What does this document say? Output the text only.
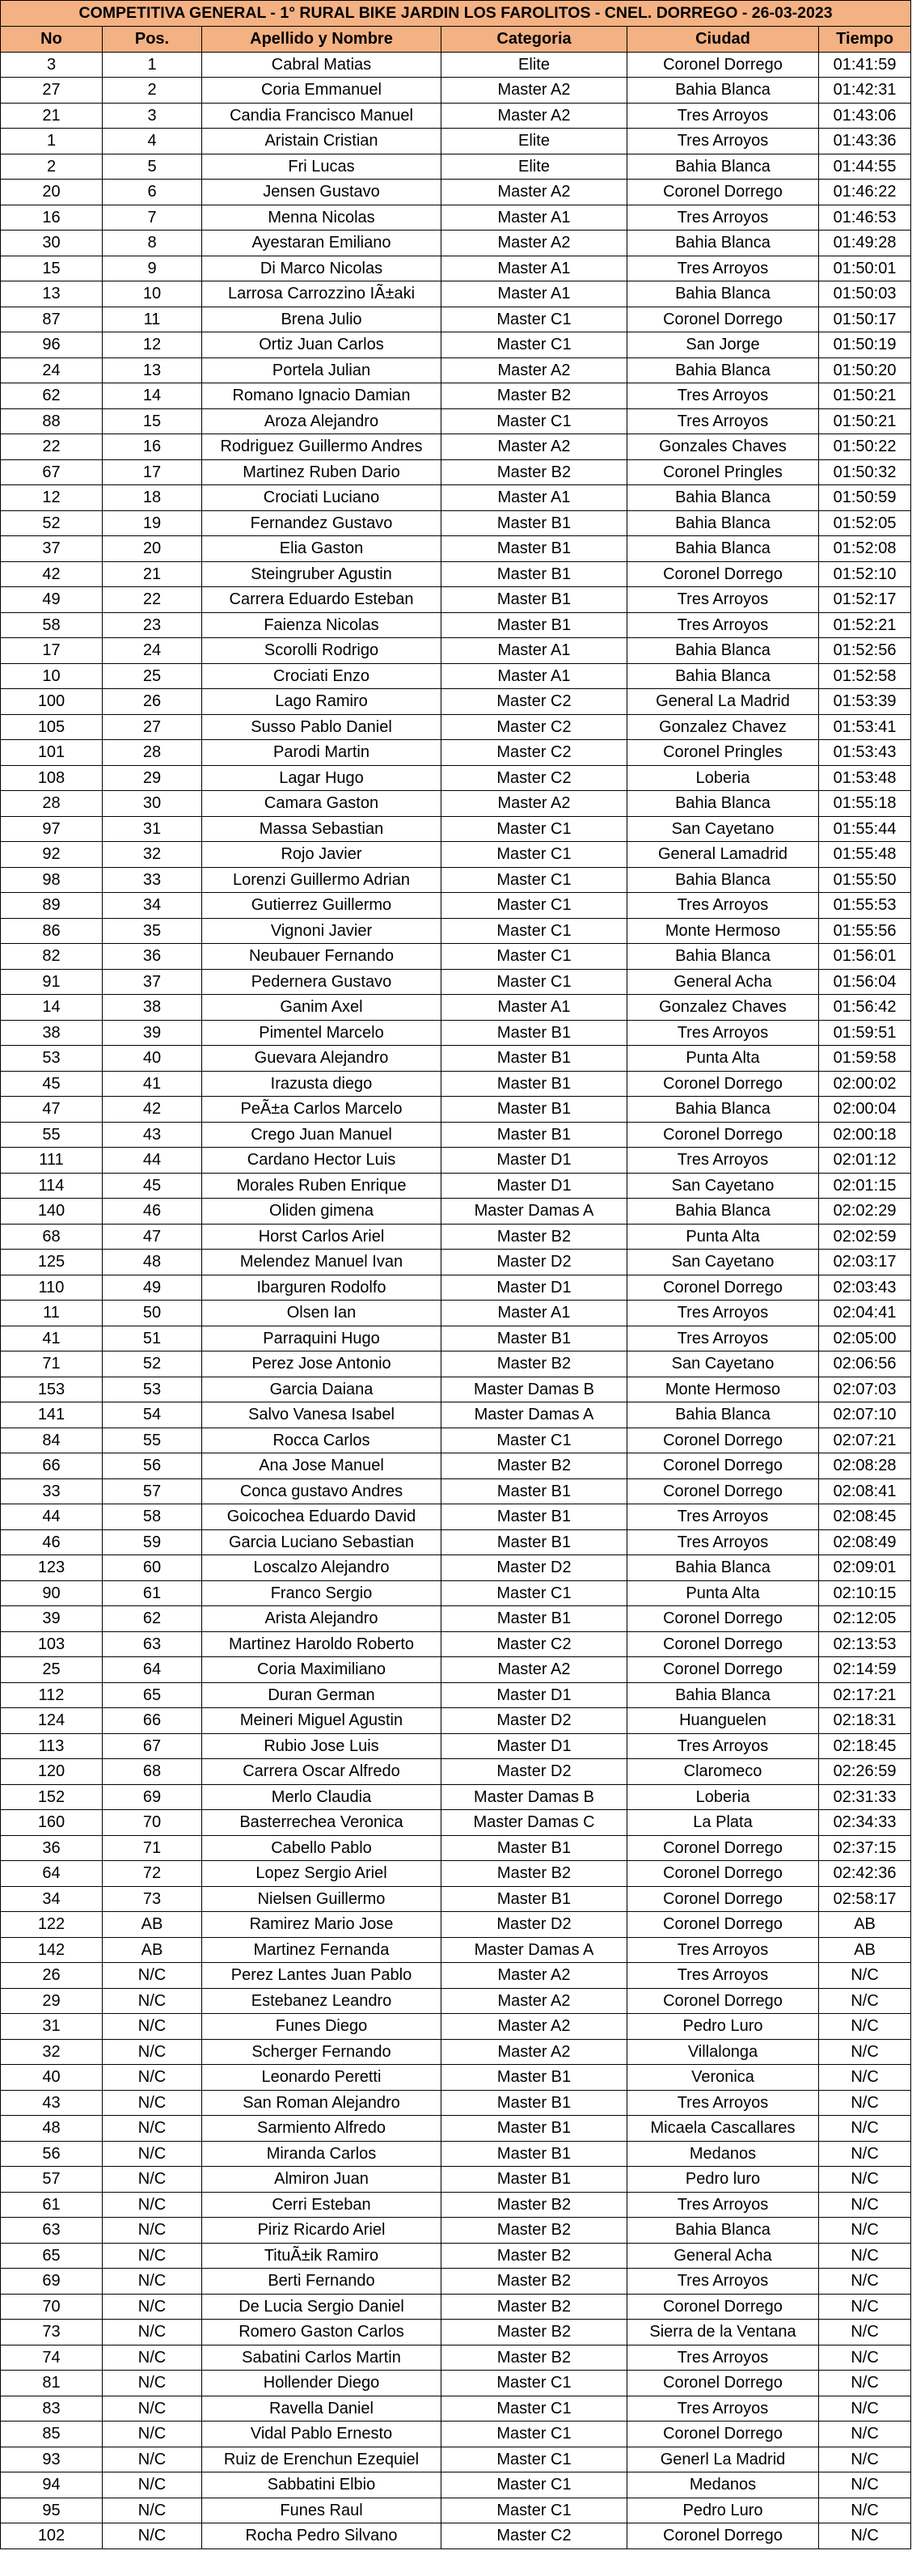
COMPETITIVA GENERAL - 1° RURAL BIKE JARDIN LOS FAROLITOS - CNEL. DORREGO - 26-03-2023					
No	Pos.	Apellido y Nombre	Categoria	Ciudad	Tiempo
3	1	Cabral Matias	Elite	Coronel Dorrego	01:41:59
27	2	Coria Emmanuel	Master A2	Bahia Blanca	01:42:31
21	3	Candia Francisco Manuel	Master A2	Tres Arroyos	01:43:06
1	4	Aristain Cristian	Elite	Tres Arroyos	01:43:36
2	5	Fri Lucas	Elite	Bahia Blanca	01:44:55
20	6	Jensen Gustavo	Master A2	Coronel Dorrego	01:46:22
16	7	Menna Nicolas	Master A1	Tres Arroyos	01:46:53
30	8	Ayestaran Emiliano	Master A2	Bahia Blanca	01:49:28
15	9	Di Marco Nicolas	Master A1	Tres Arroyos	01:50:01
13	10	Larrosa Carrozzino IÃ±aki	Master A1	Bahia Blanca	01:50:03
87	11	Brena Julio	Master C1	Coronel Dorrego	01:50:17
96	12	Ortiz Juan Carlos	Master C1	San Jorge	01:50:19
24	13	Portela Julian	Master A2	Bahia Blanca	01:50:20
62	14	Romano Ignacio Damian	Master B2	Tres Arroyos	01:50:21
88	15	Aroza Alejandro	Master C1	Tres Arroyos	01:50:21
22	16	Rodriguez Guillermo Andres	Master A2	Gonzales Chaves	01:50:22
67	17	Martinez Ruben Dario	Master B2	Coronel Pringles	01:50:32
12	18	Crociati Luciano	Master A1	Bahia Blanca	01:50:59
52	19	Fernandez Gustavo	Master B1	Bahia Blanca	01:52:05
37	20	Elia Gaston	Master B1	Bahia Blanca	01:52:08
42	21	Steingruber Agustin	Master B1	Coronel Dorrego	01:52:10
49	22	Carrera Eduardo Esteban	Master B1	Tres Arroyos	01:52:17
58	23	Faienza Nicolas	Master B1	Tres Arroyos	01:52:21
17	24	Scorolli Rodrigo	Master A1	Bahia Blanca	01:52:56
10	25	Crociati Enzo	Master A1	Bahia Blanca	01:52:58
100	26	Lago Ramiro	Master C2	General La Madrid	01:53:39
105	27	Susso Pablo Daniel	Master C2	Gonzalez Chavez	01:53:41
101	28	Parodi Martin	Master C2	Coronel Pringles	01:53:43
108	29	Lagar Hugo	Master C2	Loberia	01:53:48
28	30	Camara Gaston	Master A2	Bahia Blanca	01:55:18
97	31	Massa Sebastian	Master C1	San Cayetano	01:55:44
92	32	Rojo Javier	Master C1	General Lamadrid	01:55:48
98	33	Lorenzi Guillermo Adrian	Master C1	Bahia Blanca	01:55:50
89	34	Gutierrez Guillermo	Master C1	Tres Arroyos	01:55:53
86	35	Vignoni Javier	Master C1	Monte Hermoso	01:55:56
82	36	Neubauer Fernando	Master C1	Bahia Blanca	01:56:01
91	37	Pedernera Gustavo	Master C1	General Acha	01:56:04
14	38	Ganim Axel	Master A1	Gonzalez Chaves	01:56:42
38	39	Pimentel Marcelo	Master B1	Tres Arroyos	01:59:51
53	40	Guevara Alejandro	Master B1	Punta Alta	01:59:58
45	41	Irazusta diego	Master B1	Coronel Dorrego	02:00:02
47	42	PeÃ±a Carlos Marcelo	Master B1	Bahia Blanca	02:00:04
55	43	Crego Juan Manuel	Master B1	Coronel Dorrego	02:00:18
111	44	Cardano Hector Luis	Master D1	Tres Arroyos	02:01:12
114	45	Morales Ruben Enrique	Master D1	San Cayetano	02:01:15
140	46	Oliden gimena	Master Damas A	Bahia Blanca	02:02:29
68	47	Horst Carlos Ariel	Master B2	Punta Alta	02:02:59
125	48	Melendez Manuel Ivan	Master D2	San Cayetano	02:03:17
110	49	Ibarguren Rodolfo	Master D1	Coronel Dorrego	02:03:43
11	50	Olsen Ian	Master A1	Tres Arroyos	02:04:41
41	51	Parraquini Hugo	Master B1	Tres Arroyos	02:05:00
71	52	Perez Jose Antonio	Master B2	San Cayetano	02:06:56
153	53	Garcia Daiana	Master Damas B	Monte Hermoso	02:07:03
141	54	Salvo Vanesa Isabel	Master Damas A	Bahia Blanca	02:07:10
84	55	Rocca Carlos	Master C1	Coronel Dorrego	02:07:21
66	56	Ana Jose Manuel	Master B2	Coronel Dorrego	02:08:28
33	57	Conca gustavo Andres	Master B1	Coronel Dorrego	02:08:41
44	58	Goicochea Eduardo David	Master B1	Tres Arroyos	02:08:45
46	59	Garcia Luciano Sebastian	Master B1	Tres Arroyos	02:08:49
123	60	Loscalzo Alejandro	Master D2	Bahia Blanca	02:09:01
90	61	Franco Sergio	Master C1	Punta Alta	02:10:15
39	62	Arista Alejandro	Master B1	Coronel Dorrego	02:12:05
103	63	Martinez Haroldo Roberto	Master C2	Coronel Dorrego	02:13:53
25	64	Coria Maximiliano	Master A2	Coronel Dorrego	02:14:59
112	65	Duran German	Master D1	Bahia Blanca	02:17:21
124	66	Meineri Miguel Agustin	Master D2	Huanguelen	02:18:31
113	67	Rubio Jose Luis	Master D1	Tres Arroyos	02:18:45
120	68	Carrera Oscar Alfredo	Master D2	Claromeco	02:26:59
152	69	Merlo Claudia	Master Damas B	Loberia	02:31:33
160	70	Basterrechea Veronica	Master Damas C	La Plata	02:34:33
36	71	Cabello Pablo	Master B1	Coronel Dorrego	02:37:15
64	72	Lopez Sergio Ariel	Master B2	Coronel Dorrego	02:42:36
34	73	Nielsen Guillermo	Master B1	Coronel Dorrego	02:58:17
122	AB	Ramirez Mario Jose	Master D2	Coronel Dorrego	AB
142	AB	Martinez Fernanda	Master Damas A	Tres Arroyos	AB
26	N/C	Perez Lantes Juan Pablo	Master A2	Tres Arroyos	N/C
29	N/C	Estebanez Leandro	Master A2	Coronel Dorrego	N/C
31	N/C	Funes Diego	Master A2	Pedro Luro	N/C
32	N/C	Scherger Fernando	Master A2	Villalonga	N/C
40	N/C	Leonardo Peretti	Master B1	Veronica	N/C
43	N/C	San Roman Alejandro	Master B1	Tres Arroyos	N/C
48	N/C	Sarmiento Alfredo	Master B1	Micaela Cascallares	N/C
56	N/C	Miranda Carlos	Master B1	Medanos	N/C
57	N/C	Almiron Juan	Master B1	Pedro luro	N/C
61	N/C	Cerri Esteban	Master B2	Tres Arroyos	N/C
63	N/C	Piriz Ricardo Ariel	Master B2	Bahia Blanca	N/C
65	N/C	TituÃ±ik Ramiro	Master B2	General Acha	N/C
69	N/C	Berti Fernando	Master B2	Tres Arroyos	N/C
70	N/C	De Lucia Sergio Daniel	Master B2	Coronel Dorrego	N/C
73	N/C	Romero Gaston Carlos	Master B2	Sierra de la Ventana	N/C
74	N/C	Sabatini Carlos Martin	Master B2	Tres Arroyos	N/C
81	N/C	Hollender Diego	Master C1	Coronel Dorrego	N/C
83	N/C	Ravella Daniel	Master C1	Tres Arroyos	N/C
85	N/C	Vidal Pablo Ernesto	Master C1	Coronel Dorrego	N/C
93	N/C	Ruiz de Erenchun Ezequiel	Master C1	Generl La Madrid	N/C
94	N/C	Sabbatini Elbio	Master C1	Medanos	N/C
95	N/C	Funes Raul	Master C1	Pedro Luro	N/C
102	N/C	Rocha Pedro Silvano	Master C2	Coronel Dorrego	N/C
